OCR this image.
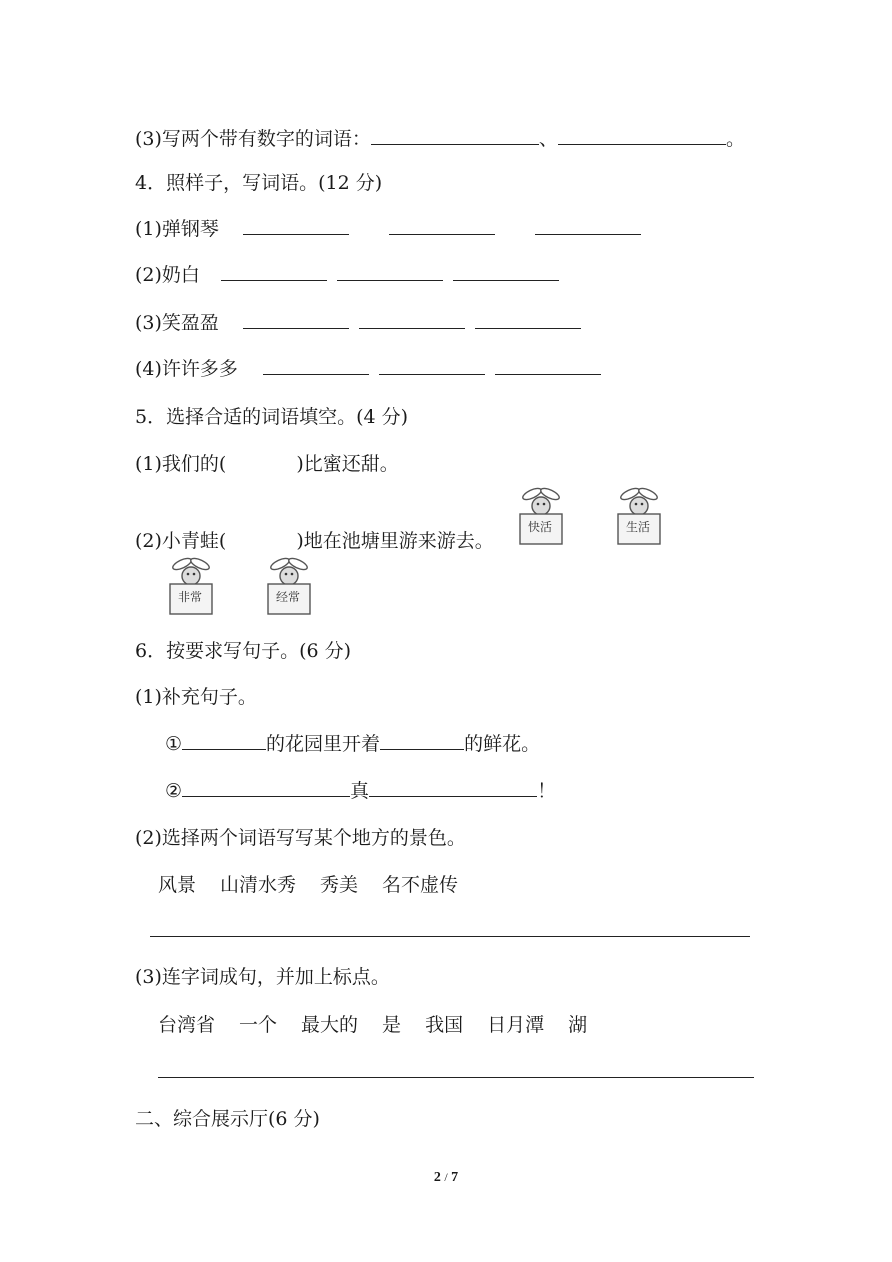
(3)写两个带有数字的词语：	、	。
4．照样子，写词语。(12 分)
(1)弹钢琴
(2)奶白
(3)笑盈盈
(4)许许多多
5．选择合适的词语填空。(4 分)
(1)我们的(	)比蜜还甜。
(2)小青蛙(	)地在池塘里游来游去。
快活	生活
非常	经常
6．按要求写句子。(6 分)
(1)补充句子。
①	的花园里开着	的鲜花。
②	真	！
(2)选择两个词语写写某个地方的景色。
风景 山清水秀 秀美 名不虚传
(3)连字词成句，并加上标点。
台湾省 一个 最大的 是 我国 日月潭 湖
二、综合展示厅(6 分)
2 / 7
